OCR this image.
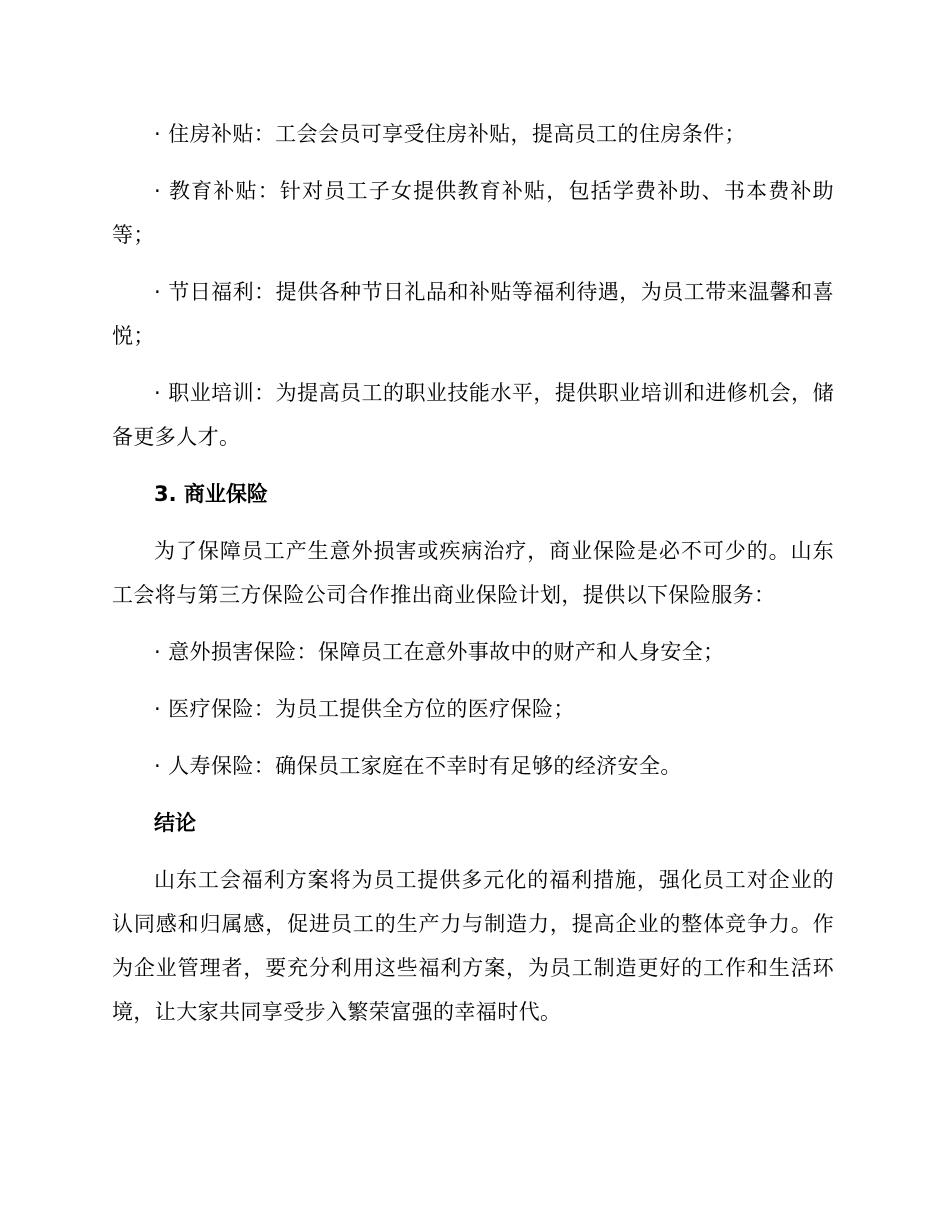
· 住房补贴：工会会员可享受住房补贴，提高员工的住房条件；

· 教育补贴：针对员工子女提供教育补贴，包括学费补助、书本费补助等；

· 节日福利：提供各种节日礼品和补贴等福利待遇，为员工带来温馨和喜悦；

· 职业培训：为提高员工的职业技能水平，提供职业培训和进修机会，储备更多人才。

3. 商业保险

为了保障员工产生意外损害或疾病治疗，商业保险是必不可少的。山东工会将与第三方保险公司合作推出商业保险计划，提供以下保险服务：

· 意外损害保险：保障员工在意外事故中的财产和人身安全；

· 医疗保险：为员工提供全方位的医疗保险；

· 人寿保险：确保员工家庭在不幸时有足够的经济安全。

结论

山东工会福利方案将为员工提供多元化的福利措施，强化员工对企业的认同感和归属感，促进员工的生产力与制造力，提高企业的整体竞争力。作为企业管理者，要充分利用这些福利方案，为员工制造更好的工作和生活环境，让大家共同享受步入繁荣富强的幸福时代。
